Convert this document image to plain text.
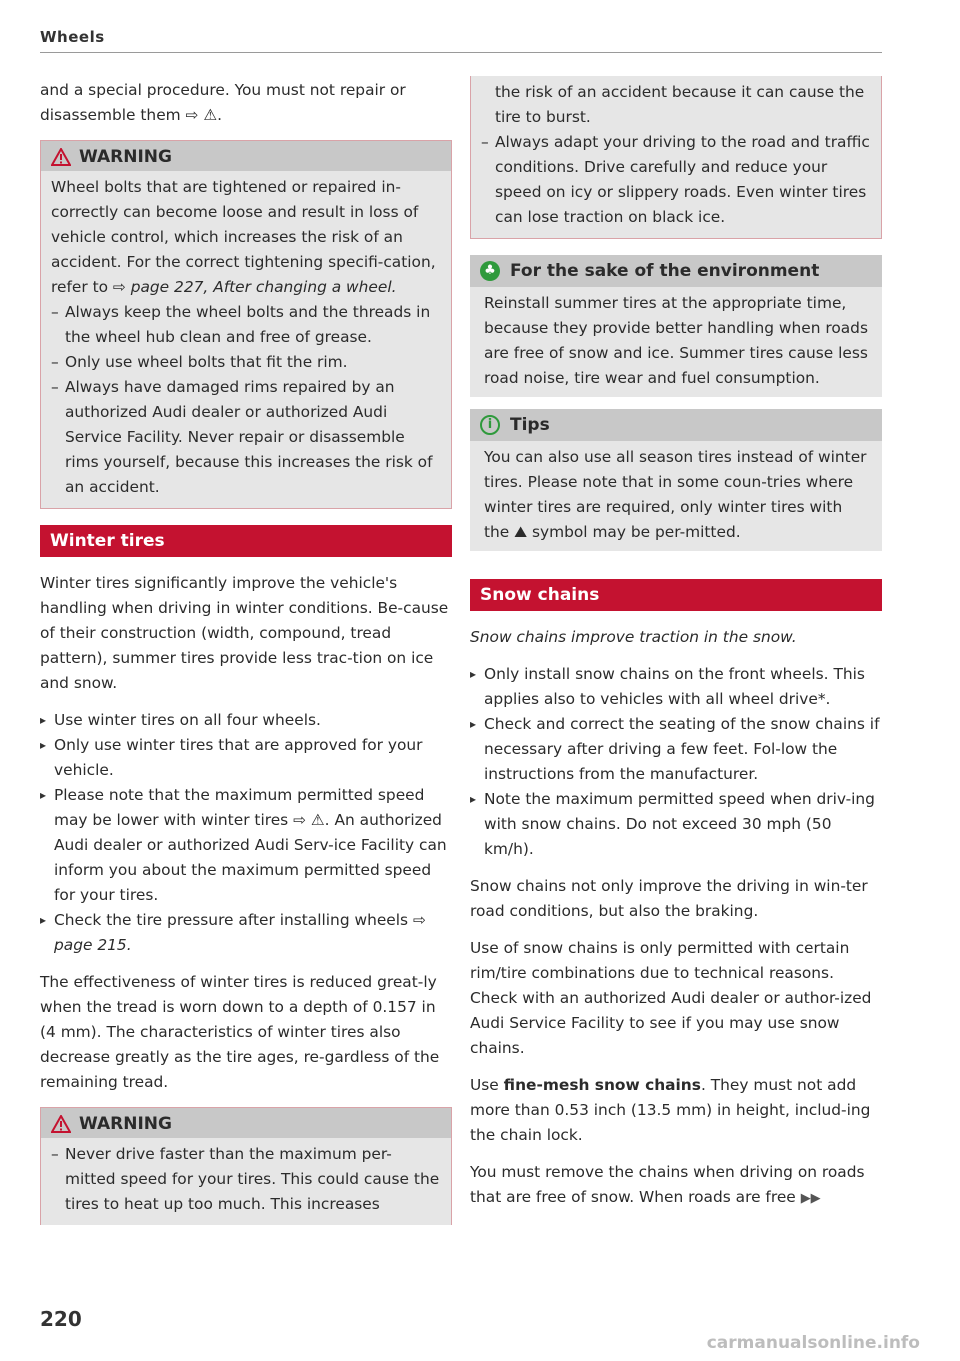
Wheels

and a special procedure. You must not repair or disassemble them ⇨ ⚠.

WARNING

Wheel bolts that are tightened or repaired in-correctly can become loose and result in loss of vehicle control, which increases the risk of an accident. For the correct tightening specifi-cation, refer to ⇨ page 227, After changing a wheel.

– Always keep the wheel bolts and the threads in the wheel hub clean and free of grease.
– Only use wheel bolts that fit the rim.
– Always have damaged rims repaired by an authorized Audi dealer or authorized Audi Service Facility. Never repair or disassemble rims yourself, because this increases the risk of an accident.
Winter tires

Winter tires significantly improve the vehicle's handling when driving in winter conditions. Be-cause of their construction (width, compound, tread pattern), summer tires provide less trac-tion on ice and snow.

▸ Use winter tires on all four wheels.
▸ Only use winter tires that are approved for your vehicle.
▸ Please note that the maximum permitted speed may be lower with winter tires ⇨ ⚠. An authorized Audi dealer or authorized Audi Serv-ice Facility can inform you about the maximum permitted speed for your tires.
▸ Check the tire pressure after installing wheels ⇨ page 215.

The effectiveness of winter tires is reduced great-ly when the tread is worn down to a depth of 0.157 in (4 mm). The characteristics of winter tires also decrease greatly as the tire ages, re-gardless of the remaining tread.

WARNING
– Never drive faster than the maximum per-mitted speed for your tires. This could cause the tires to heat up too much. This increases

the risk of an accident because it can cause the tire to burst.

– Always adapt your driving to the road and traffic conditions. Drive carefully and reduce your speed on icy or slippery roads. Even winter tires can lose traction on black ice.
♣ For the sake of the environment

Reinstall summer tires at the appropriate time, because they provide better handling when roads are free of snow and ice. Summer tires cause less road noise, tire wear and fuel consumption.

i	Tips

You can also use all season tires instead of winter tires. Please note that in some coun-tries where winter tires are required, only winter tires with the ⛰ symbol may be per-mitted.

Snow chains

Snow chains improve traction in the snow.

▸ Only install snow chains on the front wheels. This applies also to vehicles with all wheel drive*.
▸ Check and correct the seating of the snow chains if necessary after driving a few feet. Fol-low the instructions from the manufacturer.
▸ Note the maximum permitted speed when driv-ing with snow chains. Do not exceed 30 mph (50 km/h).

Snow chains not only improve the driving in win-ter road conditions, but also the braking.

Use of snow chains is only permitted with certain rim/tire combinations due to technical reasons. Check with an authorized Audi dealer or author-ized Audi Service Facility to see if you may use snow chains.

Use fine-mesh snow chains. They must not add more than 0.53 inch (13.5 mm) in height, includ-ing the chain lock.

You must remove the chains when driving on roads that are free of snow. When roads are free ▶▶

220
carmanualsonline.info
